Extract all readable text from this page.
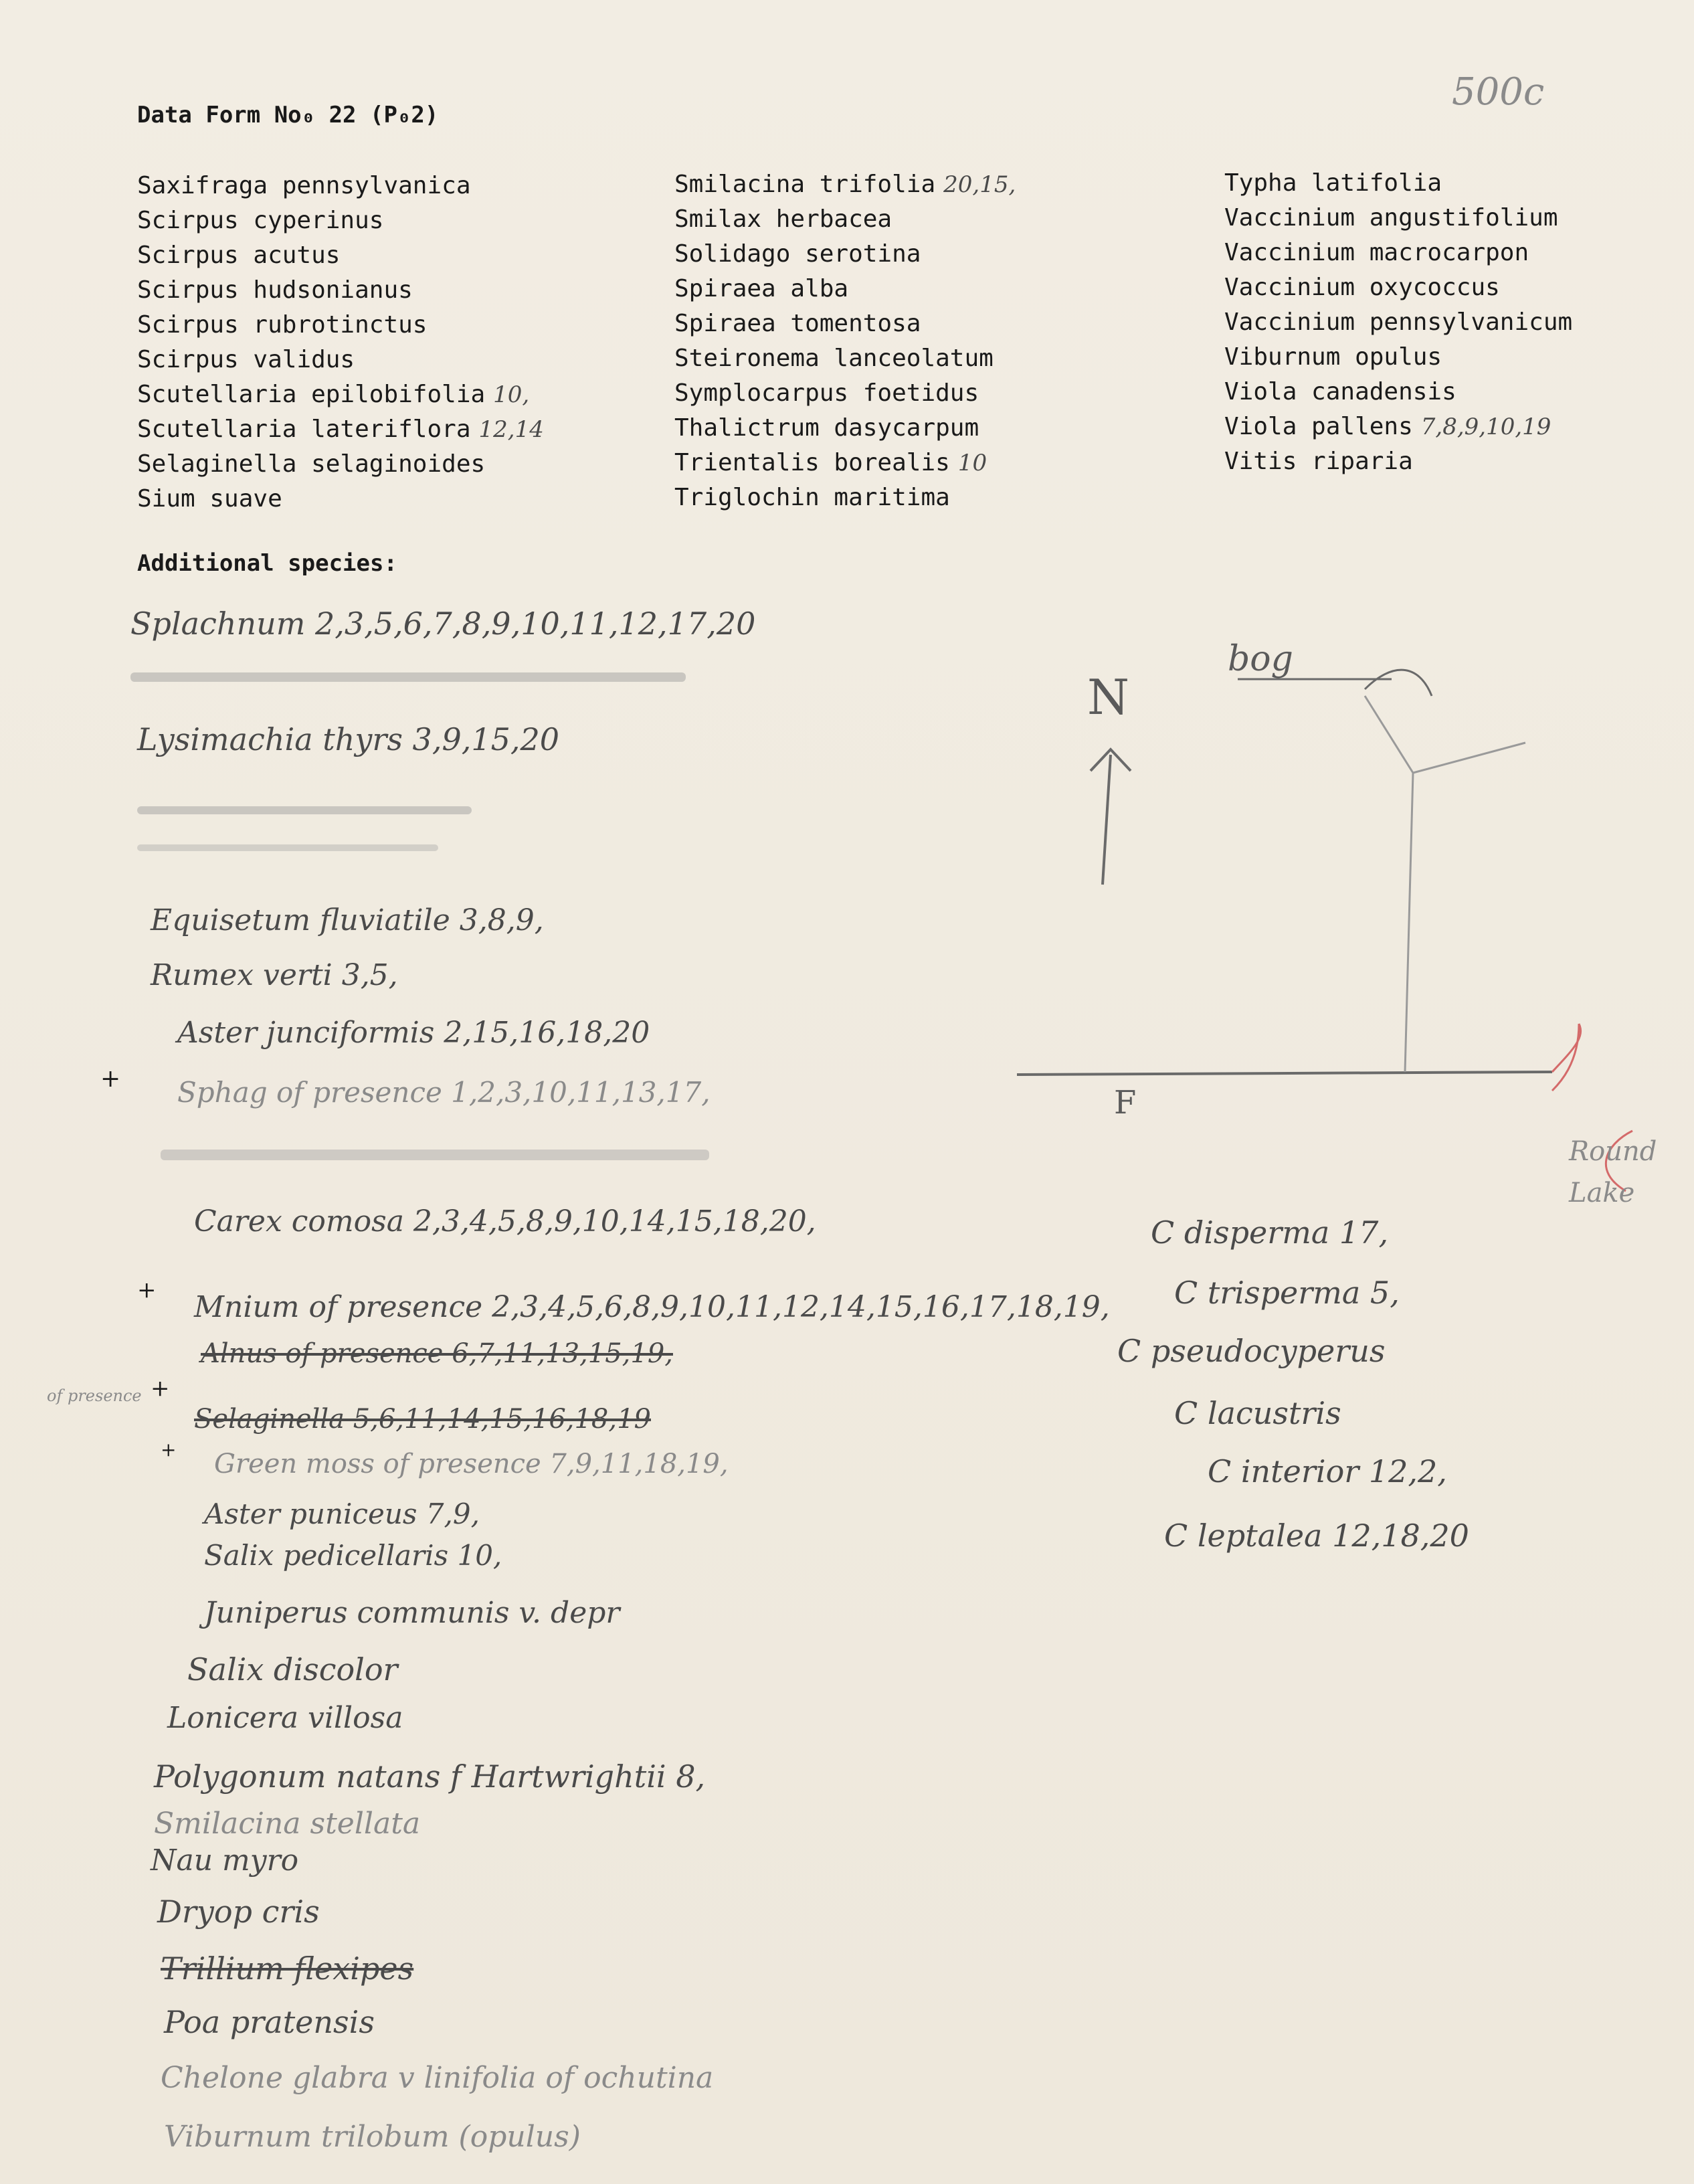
Data Form No₀ 22 (P₀2)
500c
Saxifraga pennsylvanica
Scirpus cyperinus
Scirpus acutus
Scirpus hudsonianus
Scirpus rubrotinctus
Scirpus validus
Scutellaria epilobifolia 10,
Scutellaria lateriflora 12,14
Selaginella selaginoides
Sium suave
Smilacina trifolia 20,15,
Smilax herbacea
Solidago serotina
Spiraea alba
Spiraea tomentosa
Steironema lanceolatum
Symplocarpus foetidus
Thalictrum dasycarpum
Trientalis borealis 10
Triglochin maritima
Typha latifolia
Vaccinium angustifolium
Vaccinium macrocarpon
Vaccinium oxycoccus
Vaccinium pennsylvanicum
Viburnum opulus
Viola canadensis
Viola pallens 7,8,9,10,19
Vitis riparia
Additional species:
Splachnum 2,3,5,6,7,8,9,10,11,12,17,20
Lysimachia thyrs 3,9,15,20
Equisetum fluviatile 3,8,9,
Rumex verti 3,5,
Aster junciformis 2,15,16,18,20
+ Sphag of presence 1,2,3,10,11,13,17,
Carex comosa 2,3,4,5,8,9,10,14,15,18,20,
+ Mnium of presence 2,3,4,5,6,8,9,10,11,12,14,15,16,17,18,19,
Alnus of presence 6,7,11,13,15,19,
of presence +
Selaginella 5,6,11,14,15,16,18,19
+ Green moss of presence 7,9,11,18,19,
Aster puniceus 7,9,
Salix pedicellaris 10,
Juniperus communis v. depr
Salix discolor
Lonicera villosa
Polygonum natans f Hartwrightii 8,
Smilacina stellata
Nau myro
Dryop cris
Trillium flexipes
Poa pratensis
Chelone glabra v linifolia of ochutina
Viburnum trilobum (opulus)
C disperma 17,
C trisperma 5,
C pseudocyperus
C lacustris
C interior 12,2,
C leptalea 12,18,20
N
bog
F
Round Lake
